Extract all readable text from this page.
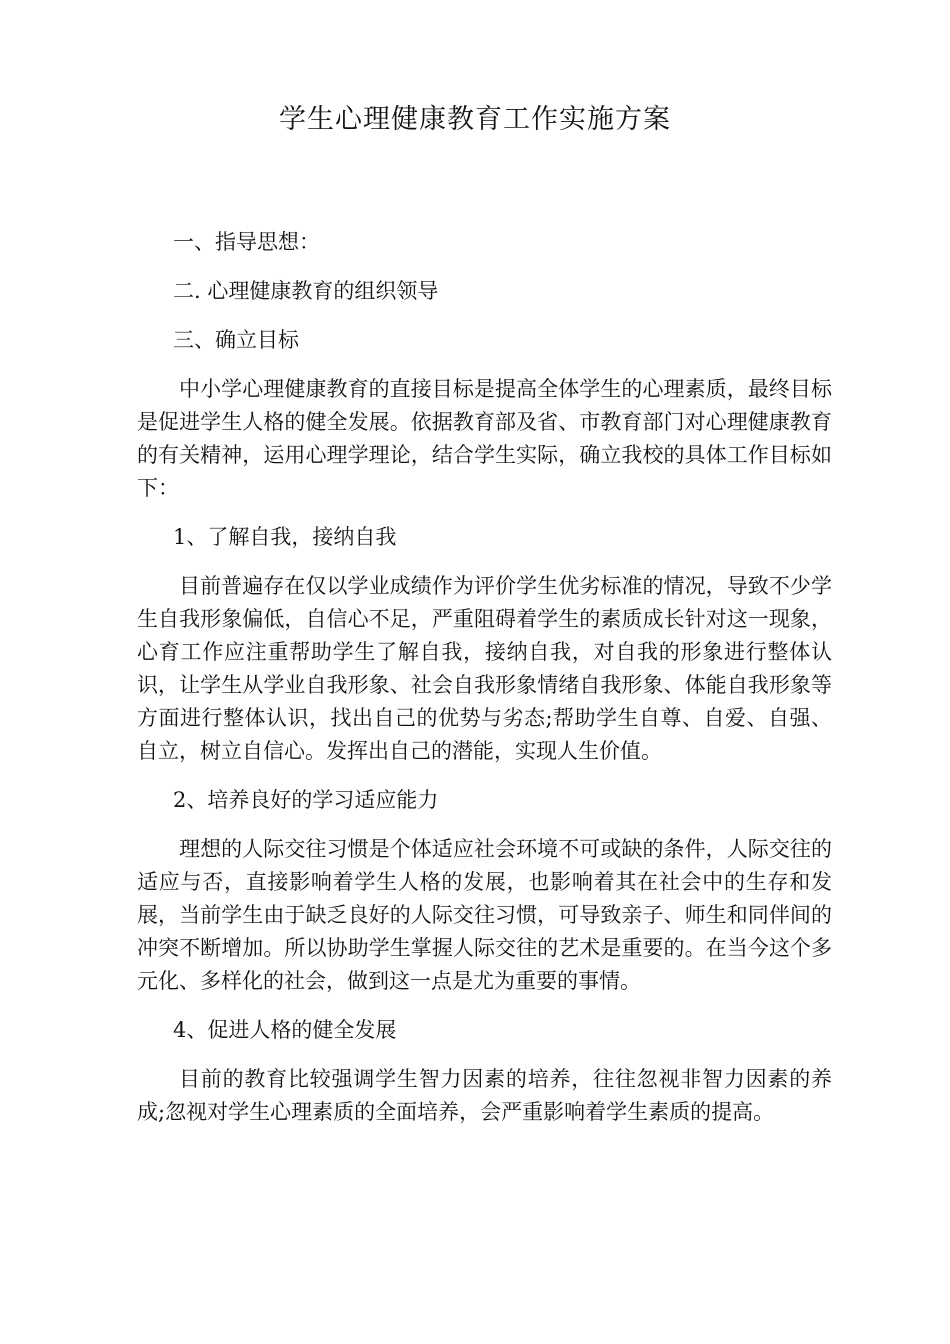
学生心理健康教育工作实施方案

一、指导思想：

二. 心理健康教育的组织领导

三、确立目标

中小学心理健康教育的直接目标是提高全体学生的心理素质，最终目标是促进学生人格的健全发展。依据教育部及省、市教育部门对心理健康教育的有关精神，运用心理学理论，结合学生实际，确立我校的具体工作目标如下：

1、了解自我，接纳自我

目前普遍存在仅以学业成绩作为评价学生优劣标准的情况，导致不少学生自我形象偏低，自信心不足，严重阻碍着学生的素质成长针对这一现象，心育工作应注重帮助学生了解自我，接纳自我，对自我的形象进行整体认识，让学生从学业自我形象、社会自我形象情绪自我形象、体能自我形象等方面进行整体认识，找出自己的优势与劣态;帮助学生自尊、自爱、自强、自立，树立自信心。发挥出自己的潜能，实现人生价值。

2、培养良好的学习适应能力

理想的人际交往习惯是个体适应社会环境不可或缺的条件，人际交往的适应与否，直接影响着学生人格的发展，也影响着其在社会中的生存和发展，当前学生由于缺乏良好的人际交往习惯，可导致亲子、师生和同伴间的冲突不断增加。所以协助学生掌握人际交往的艺术是重要的。在当今这个多元化、多样化的社会，做到这一点是尤为重要的事情。

4、促进人格的健全发展

目前的教育比较强调学生智力因素的培养，往往忽视非智力因素的养成;忽视对学生心理素质的全面培养，会严重影响着学生素质的提高。
